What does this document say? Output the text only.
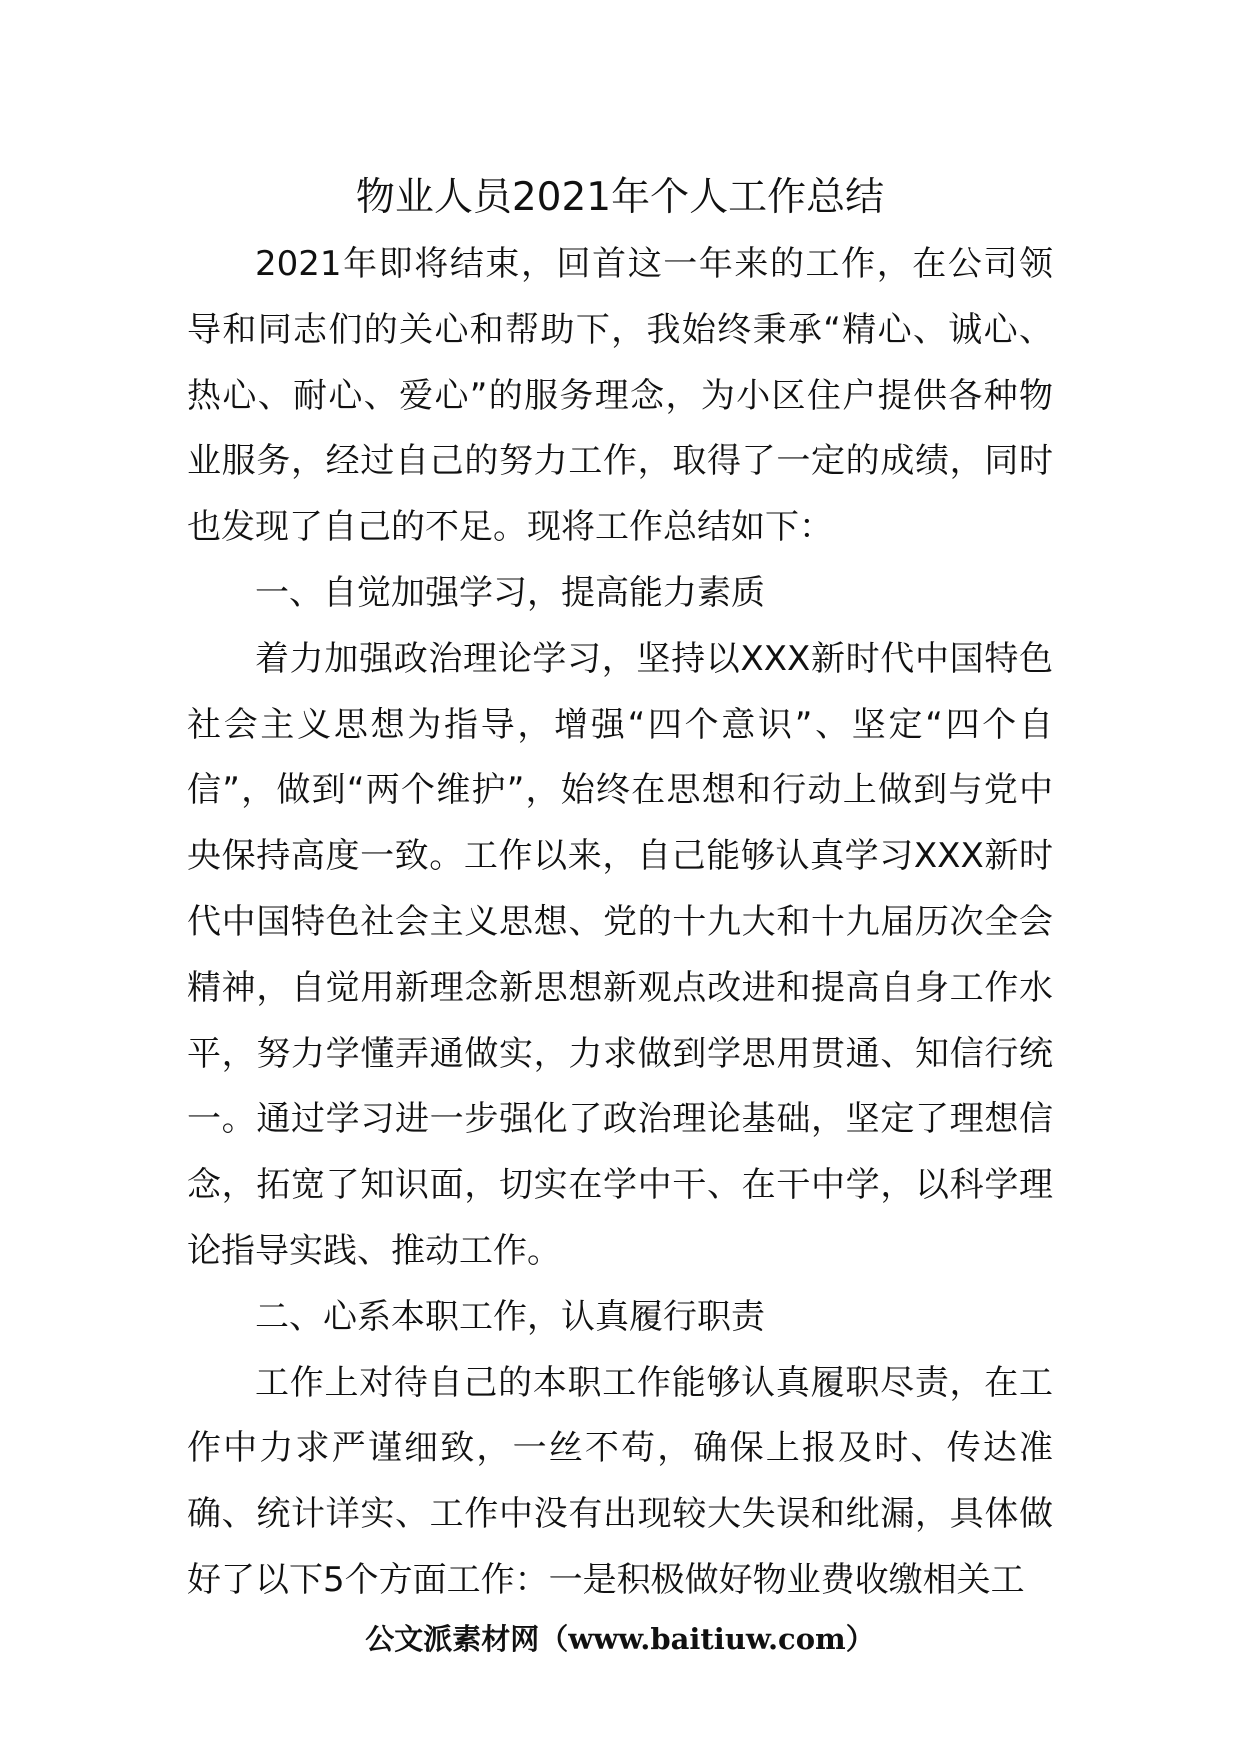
物业人员2021年个人工作总结

2021年即将结束，回首这一年来的工作，在公司领导和同志们的关心和帮助下，我始终秉承“精心、诚心、热心、耐心、爱心”的服务理念，为小区住户提供各种物业服务，经过自己的努力工作，取得了一定的成绩，同时也发现了自己的不足。现将工作总结如下：

一、自觉加强学习，提高能力素质

着力加强政治理论学习，坚持以XXX新时代中国特色社会主义思想为指导，增强“四个意识”、坚定“四个自信”，做到“两个维护”，始终在思想和行动上做到与党中央保持高度一致。工作以来，自己能够认真学习XXX新时代中国特色社会主义思想、党的十九大和十九届历次全会精神，自觉用新理念新思想新观点改进和提高自身工作水平，努力学懂弄通做实，力求做到学思用贯通、知信行统一。通过学习进一步强化了政治理论基础，坚定了理想信念，拓宽了知识面，切实在学中干、在干中学，以科学理论指导实践、推动工作。

二、心系本职工作，认真履行职责

工作上对待自己的本职工作能够认真履职尽责，在工作中力求严谨细致，一丝不苟，确保上报及时、传达准确、统计详实、工作中没有出现较大失误和纰漏，具体做好了以下5个方面工作：一是积极做好物业费收缴相关工

公文派素材网（www.baitiuw.com）
